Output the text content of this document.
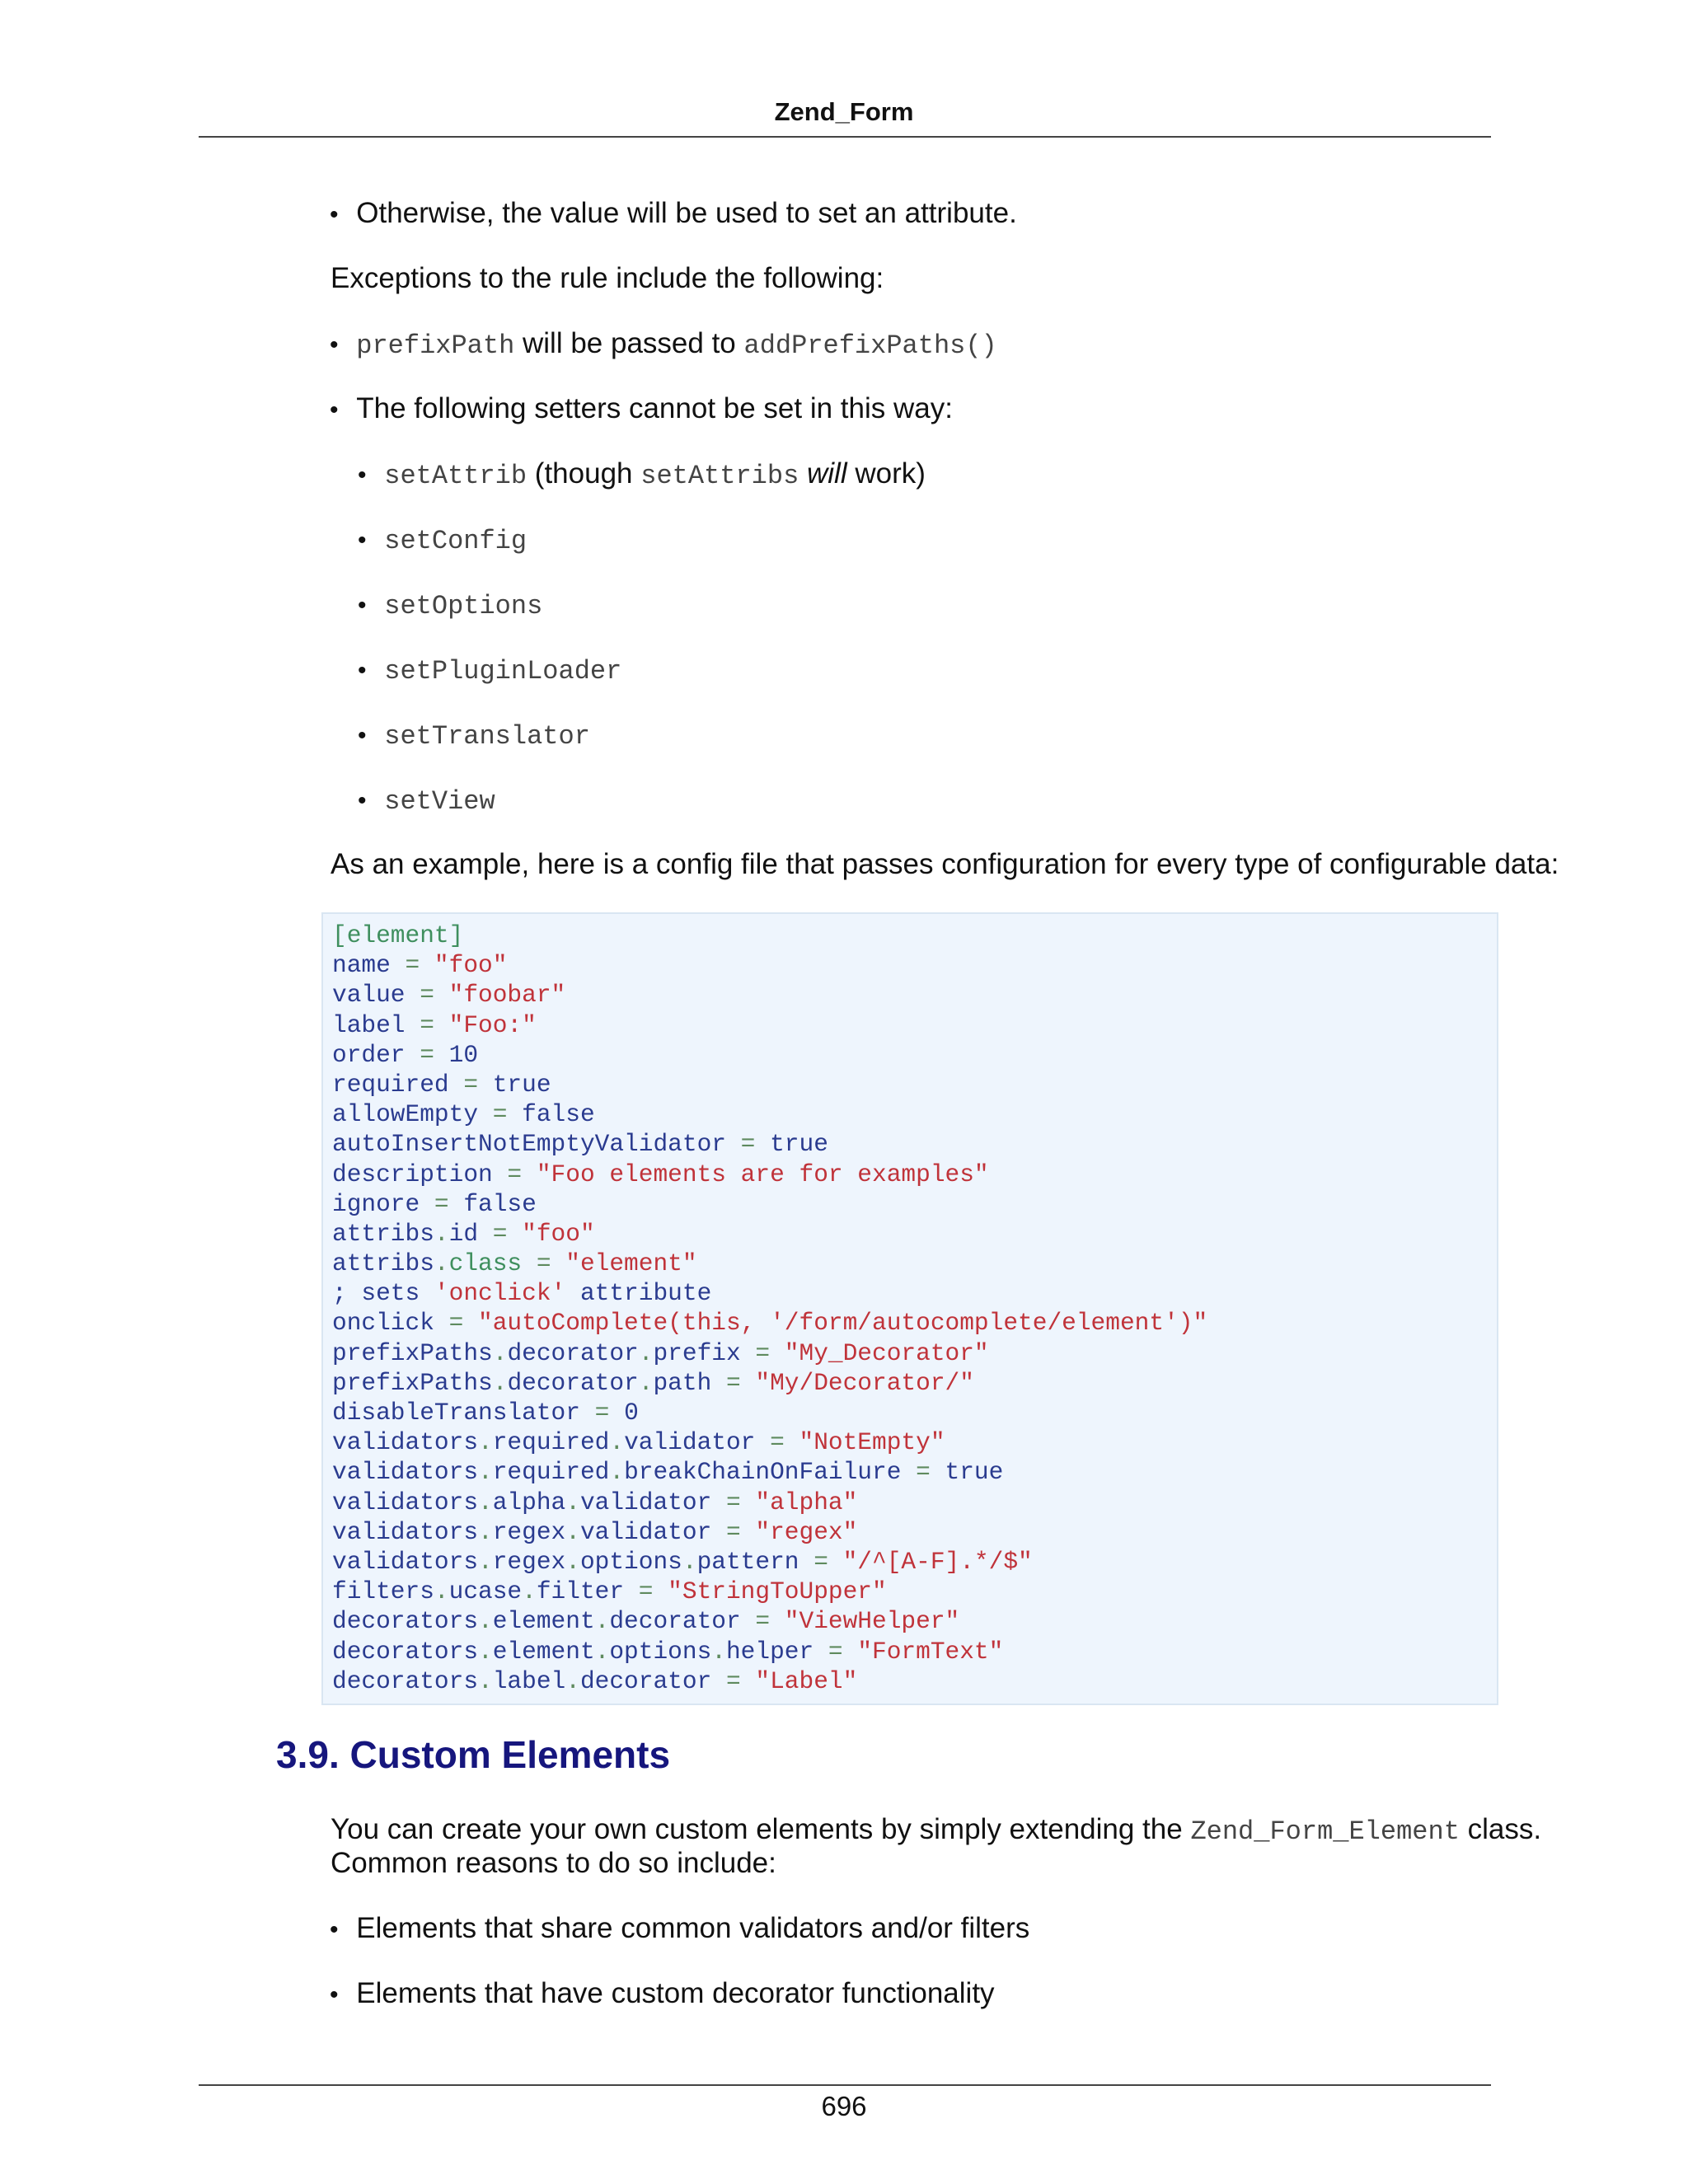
Zend_Form
• Otherwise, the value will be used to set an attribute.
Exceptions to the rule include the following:
• prefixPath will be passed to addPrefixPaths()
• The following setters cannot be set in this way:
• setAttrib (though setAttribs will work)
• setConfig
• setOptions
• setPluginLoader
• setTranslator
• setView
As an example, here is a config file that passes configuration for every type of configurable data:
[element]
name = "foo"
value = "foobar"
label = "Foo:"
order = 10
required = true
allowEmpty = false
autoInsertNotEmptyValidator = true
description = "Foo elements are for examples"
ignore = false
attribs.id = "foo"
attribs.class = "element"
; sets 'onclick' attribute
onclick = "autoComplete(this, '/form/autocomplete/element')"
prefixPaths.decorator.prefix = "My_Decorator"
prefixPaths.decorator.path = "My/Decorator/"
disableTranslator = 0
validators.required.validator = "NotEmpty"
validators.required.breakChainOnFailure = true
validators.alpha.validator = "alpha"
validators.regex.validator = "regex"
validators.regex.options.pattern = "/^[A-F].*/$"
filters.ucase.filter = "StringToUpper"
decorators.element.decorator = "ViewHelper"
decorators.element.options.helper = "FormText"
decorators.label.decorator = "Label"
3.9. Custom Elements
You can create your own custom elements by simply extending the Zend_Form_Element class.
Common reasons to do so include:
• Elements that share common validators and/or filters
• Elements that have custom decorator functionality
696
